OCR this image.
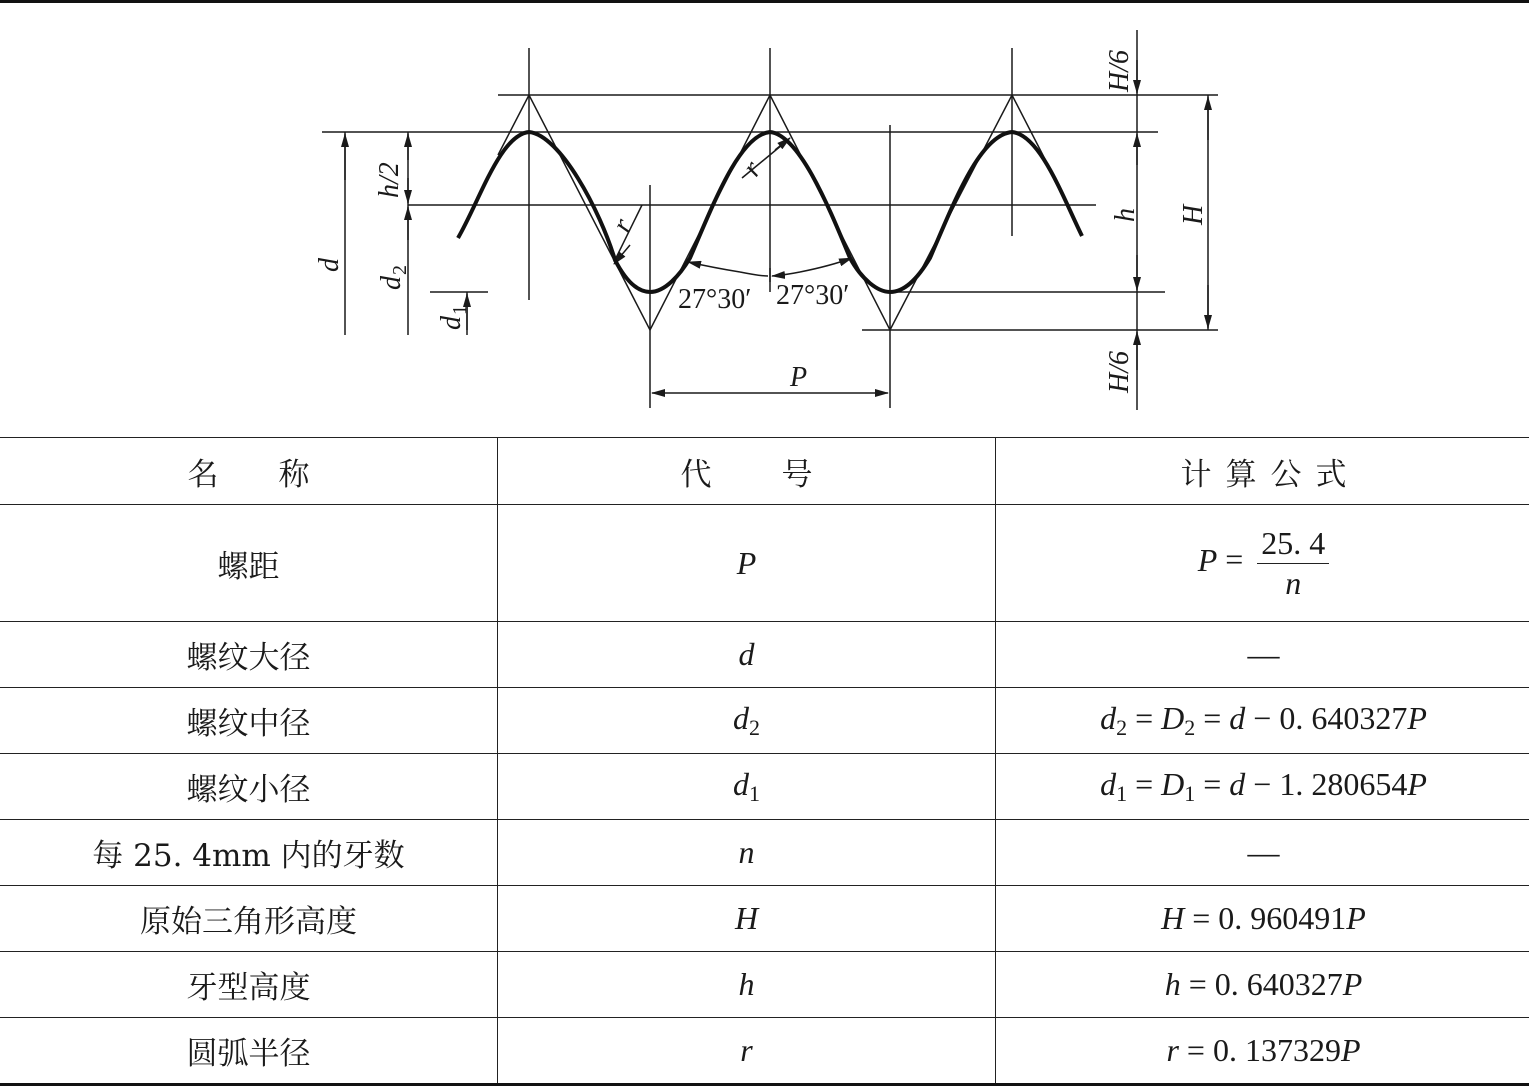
H/6
H/6
h/2
h H
d
d
2
d
1
r
r
27°30′ 27°30′
P
名称	代号	计算公式
螺距	P	$P = \frac{25. 4}{n}$

螺纹大径	d	—
螺纹中径	$d_2$	$d_2 = D_2 = d - 0$. 640327P
螺纹小径	$d_1$	$d_1 = D_1 = d - 1$. 280654P
每 25. 4mm 内的牙数	n	—
原始三角形高度	H	H = 0. 960491P
牙型高度	h	h = 0. 640327P
圆弧半径	r	r = 0. 137329P
